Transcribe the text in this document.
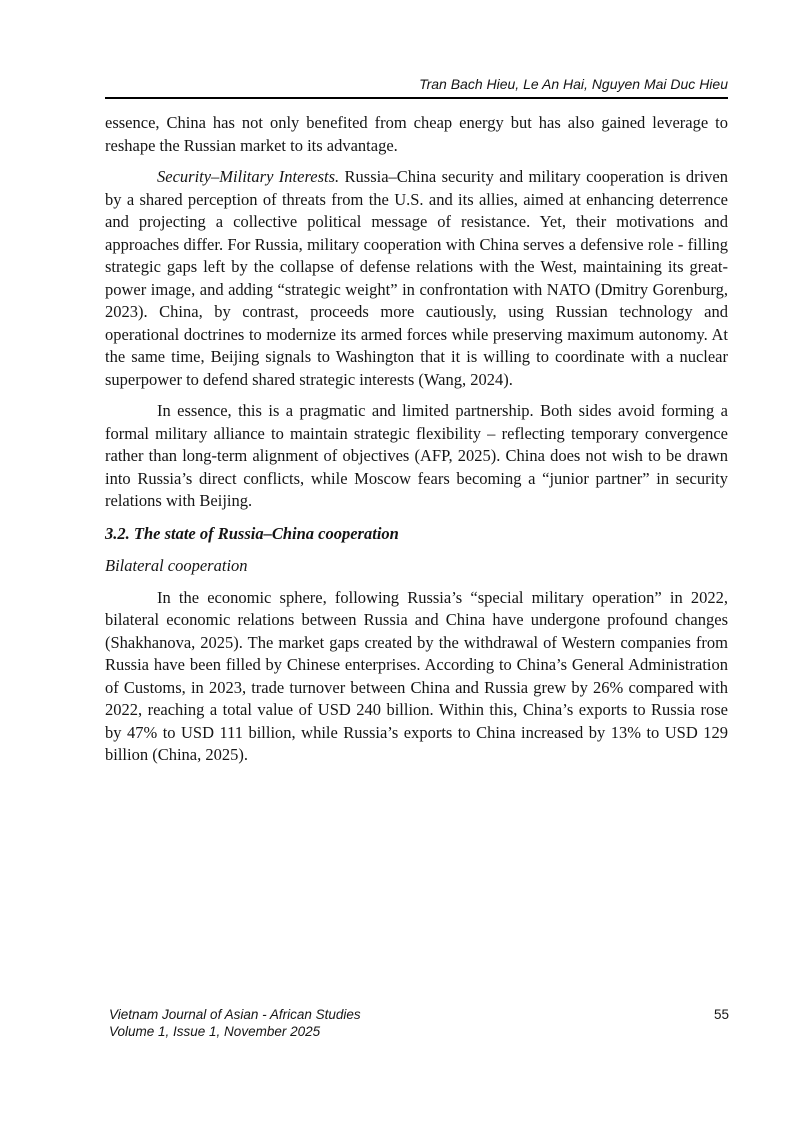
Tran Bach Hieu, Le An Hai, Nguyen Mai Duc Hieu

essence, China has not only benefited from cheap energy but has also gained leverage to reshape the Russian market to its advantage.

Security–Military Interests. Russia–China security and military cooperation is driven by a shared perception of threats from the U.S. and its allies, aimed at enhancing deterrence and projecting a collective political message of resistance. Yet, their motivations and approaches differ. For Russia, military cooperation with China serves a defensive role - filling strategic gaps left by the collapse of defense relations with the West, maintaining its great-power image, and adding “strategic weight” in confrontation with NATO (Dmitry Gorenburg, 2023). China, by contrast, proceeds more cautiously, using Russian technology and operational doctrines to modernize its armed forces while preserving maximum autonomy. At the same time, Beijing signals to Washington that it is willing to coordinate with a nuclear superpower to defend shared strategic interests (Wang, 2024).

In essence, this is a pragmatic and limited partnership. Both sides avoid forming a formal military alliance to maintain strategic flexibility – reflecting temporary convergence rather than long-term alignment of objectives (AFP, 2025). China does not wish to be drawn into Russia’s direct conflicts, while Moscow fears becoming a “junior partner” in security relations with Beijing.

3.2. The state of Russia–China cooperation
Bilateral cooperation

In the economic sphere, following Russia’s “special military operation” in 2022, bilateral economic relations between Russia and China have undergone profound changes (Shakhanova, 2025). The market gaps created by the withdrawal of Western companies from Russia have been filled by Chinese enterprises. According to China’s General Administration of Customs, in 2023, trade turnover between China and Russia grew by 26% compared with 2022, reaching a total value of USD 240 billion. Within this, China’s exports to Russia rose by 47% to USD 111 billion, while Russia’s exports to China increased by 13% to USD 129 billion (China, 2025).

Vietnam Journal of Asian - African Studies
Volume 1, Issue 1, November 2025
55
